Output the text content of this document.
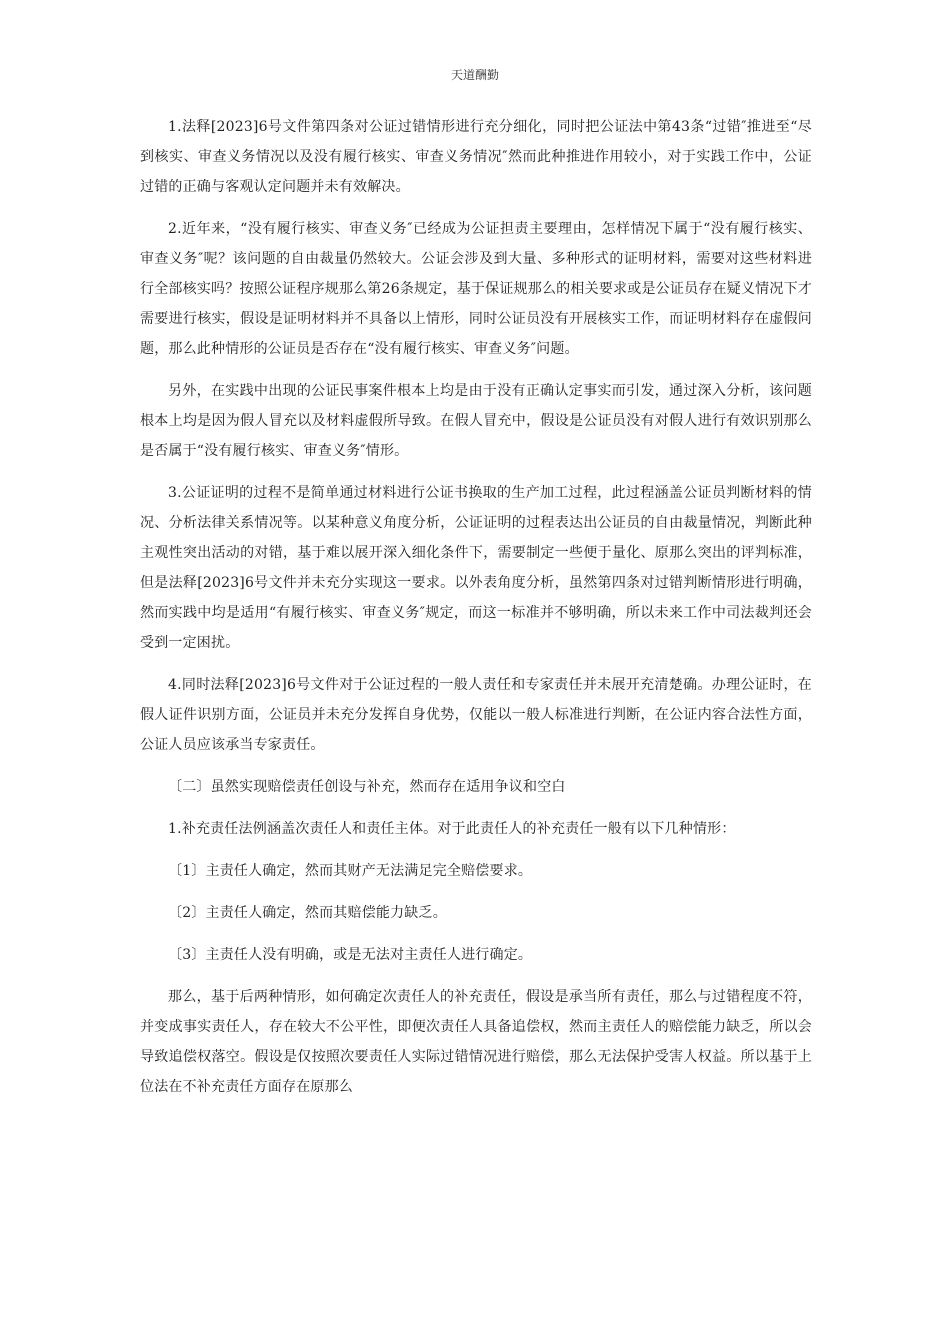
天道酬勤

1.法释[2023]6号文件第四条对公证过错情形进行充分细化，同时把公证法中第43条“过错″推进至“尽到核实、审查义务情况以及没有履行核实、审查义务情况″然而此种推进作用较小，对于实践工作中，公证过错的正确与客观认定问题并未有效解决。

2.近年来，“没有履行核实、审查义务″已经成为公证担责主要理由，怎样情况下属于“没有履行核实、审查义务″呢？该问题的自由裁量仍然较大。公证会涉及到大量、多种形式的证明材料，需要对这些材料进行全部核实吗？按照公证程序规那么第26条规定，基于保证规那么的相关要求或是公证员存在疑义情况下才需要进行核实，假设是证明材料并不具备以上情形，同时公证员没有开展核实工作，而证明材料存在虚假问题，那么此种情形的公证员是否存在“没有履行核实、审查义务″问题。

另外，在实践中出现的公证民事案件根本上均是由于没有正确认定事实而引发，通过深入分析，该问题根本上均是因为假人冒充以及材料虚假所导致。在假人冒充中，假设是公证员没有对假人进行有效识别那么是否属于“没有履行核实、审查义务″情形。

3.公证证明的过程不是简单通过材料进行公证书换取的生产加工过程，此过程涵盖公证员判断材料的情况、分析法律关系情况等。以某种意义角度分析，公证证明的过程表达出公证员的自由裁量情况，判断此种主观性突出活动的对错，基于难以展开深入细化条件下，需要制定一些便于量化、原那么突出的评判标准，但是法释[2023]6号文件并未充分实现这一要求。以外表角度分析，虽然第四条对过错判断情形进行明确，然而实践中均是适用“有履行核实、审查义务″规定，而这一标准并不够明确，所以未来工作中司法裁判还会受到一定困扰。

4.同时法释[2023]6号文件对于公证过程的一般人责任和专家责任并未展开充清楚确。办理公证时，在假人证件识别方面，公证员并未充分发挥自身优势，仅能以一般人标准进行判断，在公证内容合法性方面，公证人员应该承当专家责任。

〔二〕虽然实现赔偿责任创设与补充，然而存在适用争议和空白

1.补充责任法例涵盖次责任人和责任主体。对于此责任人的补充责任一般有以下几种情形：

〔1〕主责任人确定，然而其财产无法满足完全赔偿要求。

〔2〕主责任人确定，然而其赔偿能力缺乏。

〔3〕主责任人没有明确，或是无法对主责任人进行确定。

那么，基于后两种情形，如何确定次责任人的补充责任，假设是承当所有责任，那么与过错程度不符，并变成事实责任人，存在较大不公平性，即便次责任人具备追偿权，然而主责任人的赔偿能力缺乏，所以会导致追偿权落空。假设是仅按照次要责任人实际过错情况进行赔偿，那么无法保护受害人权益。所以基于上位法在不补充责任方面存在原那么
